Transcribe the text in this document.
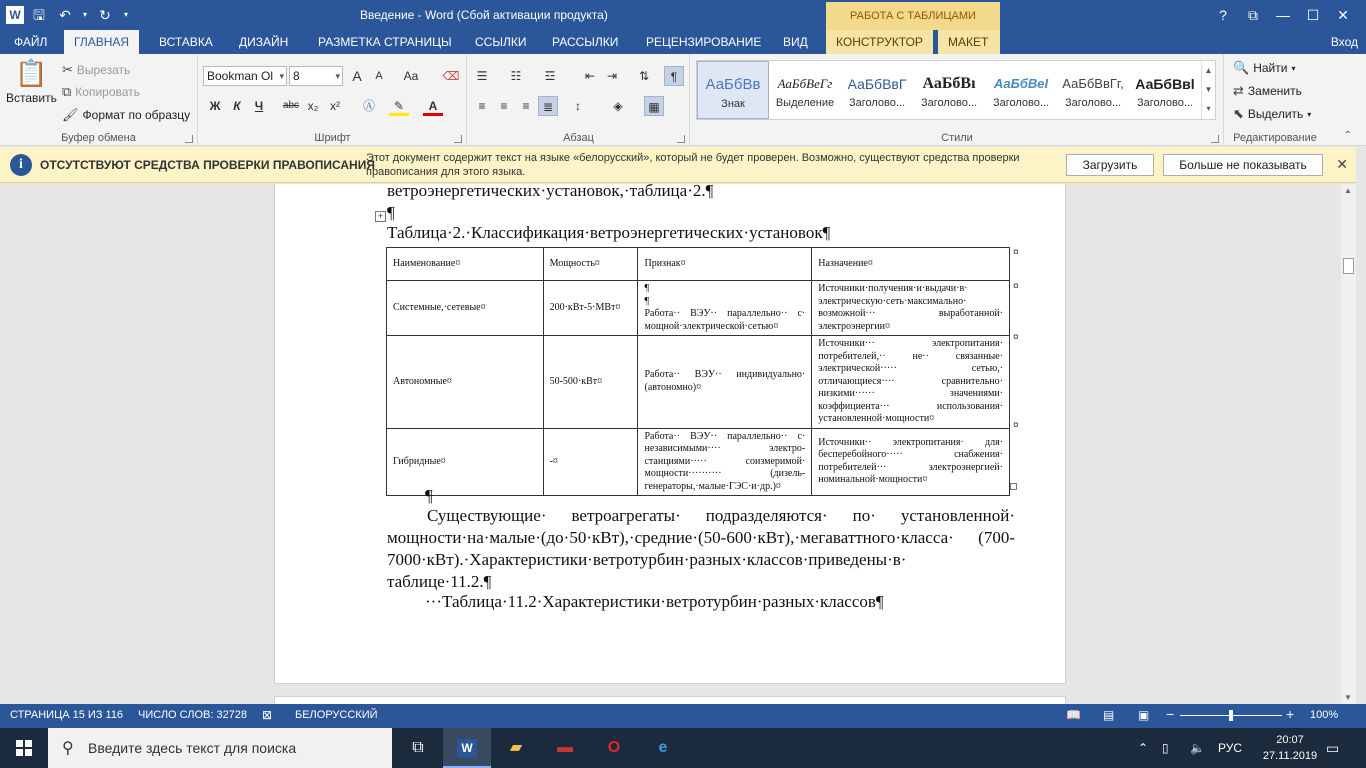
W 🖫	↶	▾ ↻	▾	Введение - Word (Сбой активации продукта)	РАБОТА С ТАБЛИЦАМИ	?	⧉	—	☐	✕
ФАЙЛ	ГЛАВНАЯ	ВСТАВКА	ДИЗАЙН	РАЗМЕТКА СТРАНИЦЫ	ССЫЛКИ	РАССЫЛКИ	РЕЦЕНЗИРОВАНИЕ	ВИД	КОНСТРУКТОР	МАКЕТ	Вход
📋
Вставить
✂ Вырезать
⧉ Копировать
🖌 Формат по образцу
Буфер обмена
Bookman Ol ▾ 8	▾ A	A	Aa	⌫
Ж	К	Ч	abc x₂ x²	Ⓐ	✎	A
Шрифт
☰	☷	☲	⇤ ⇥	⇅	¶
≡	≡	≡	≣	↕	◈	▦
Абзац	Стили
АаБбВв
Знак
АаБбВеГг
Выделение
АаБбВвГ
Заголово...
АаБбВı
Заголово...
АаБбВеI
Заголово...
АаБбВвГг,
Заголово...
АаБбВвl
Заголово...
▲
▼
▾
🔍 Найти ▾
⇄ Заменить
⬉ Выделить ▾
Редактирование	⌃
i	ОТСУТСТВУЮТ СРЕДСТВА ПРОВЕРКИ ПРАВОПИСАНИЯ
Этот документ содержит текст на языке «белорусский», который не будет проверен. Возможно, существуют средства проверки правописания для этого языка.	Загрузить	Больше не показывать	✕
ветроэнергетических·установок,·таблица·2.¶
¶
+
Таблица·2.·Классификация·ветроэнергетических·установок¶
Наименование¤	Мощность¤	Признак¤	Назначение¤
Системные,·сетевые¤	200·кВт-5·МВт¤	¶
¶
Работа·· ВЭУ·· параллельно·· с· мощной·электрической·сетью¤	Источники·получения·и·выдачи·в· электрическую·сеть·максимально· возможной··· выработанной· электроэнергии¤
Автономные¤	50-500·кВт¤	Работа·· ВЭУ·· индивидуально· (автономно)¤	Источники··· электропитания· потребителей,·· не·· связанные· электрической····· сетью,· отличающиеся···· сравнительно· низкими······ значениями· коэффициента··· использования· установленной·мощности¤
Гибридные¤	-¤	Работа·· ВЭУ·· параллельно·· с· независимыми···· электро-станциями····· соизмеримой· мощности·········· (дизель-генераторы,·малые·ГЭС·и·др.)¤	Источники·· электропитания· для· бесперебойного····· снабжения· потребителей··· электроэнергией· номинальной·мощности¤
¤
¤
¤
¤
¶
Существующие· ветроагрегаты· подразделяются· по· установленной· мощности·на·малые·(до·50·кВт),·средние·(50-600·кВт),·мегаваттного·класса· (700-7000·кВт).·Характеристики·ветротурбин·разных·классов·приведены·в· таблице·11.2.¶
···Таблица·11.2·Характеристики·ветротурбин·разных·классов¶
▲
▼
СТРАНИЦА 15 ИЗ 116 ЧИСЛО СЛОВ: 32728 ⊠ БЕЛОРУССКИЙ	📖 ▤ ▣ −	+ 100%
⚲ Введите здесь текст для поиска	⧉	W	▰	▬	O	e	⌃ ▯ 🔈 РУС
20:07
27.11.2019 ▭
